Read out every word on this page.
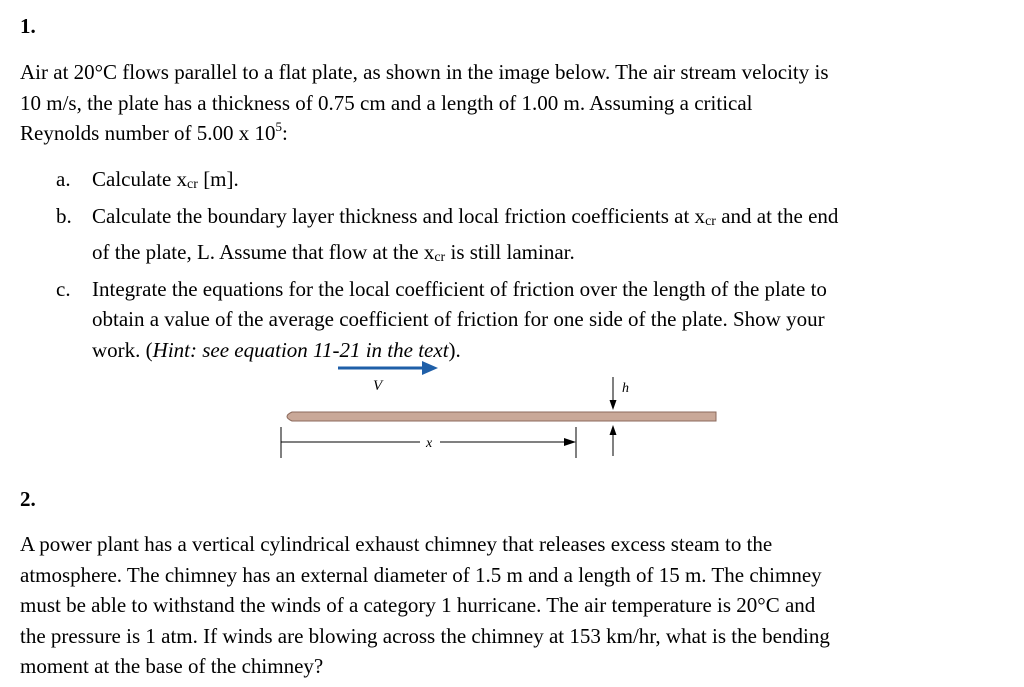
1.
Air at 20°C flows parallel to a flat plate, as shown in the image below. The air stream velocity is
10 m/s, the plate has a thickness of 0.75 cm and a length of 1.00 m. Assuming a critical
Reynolds number of 5.00 x $10^5$:
a. Calculate xcr [m].
b. Calculate the boundary layer thickness and local friction coefficients at xcr and at the end
of the plate, L. Assume that flow at the xcr is still laminar.
c. Integrate the equations for the local coefficient of friction over the length of the plate to
obtain a value of the average coefficient of friction for one side of the plate. Show your
work. (Hint: see equation 11-21 in the text).
V	h
x
2.
A power plant has a vertical cylindrical exhaust chimney that releases excess steam to the
atmosphere. The chimney has an external diameter of 1.5 m and a length of 15 m. The chimney
must be able to withstand the winds of a category 1 hurricane. The air temperature is 20°C and
the pressure is 1 atm. If winds are blowing across the chimney at 153 km/hr, what is the bending
moment at the base of the chimney?
